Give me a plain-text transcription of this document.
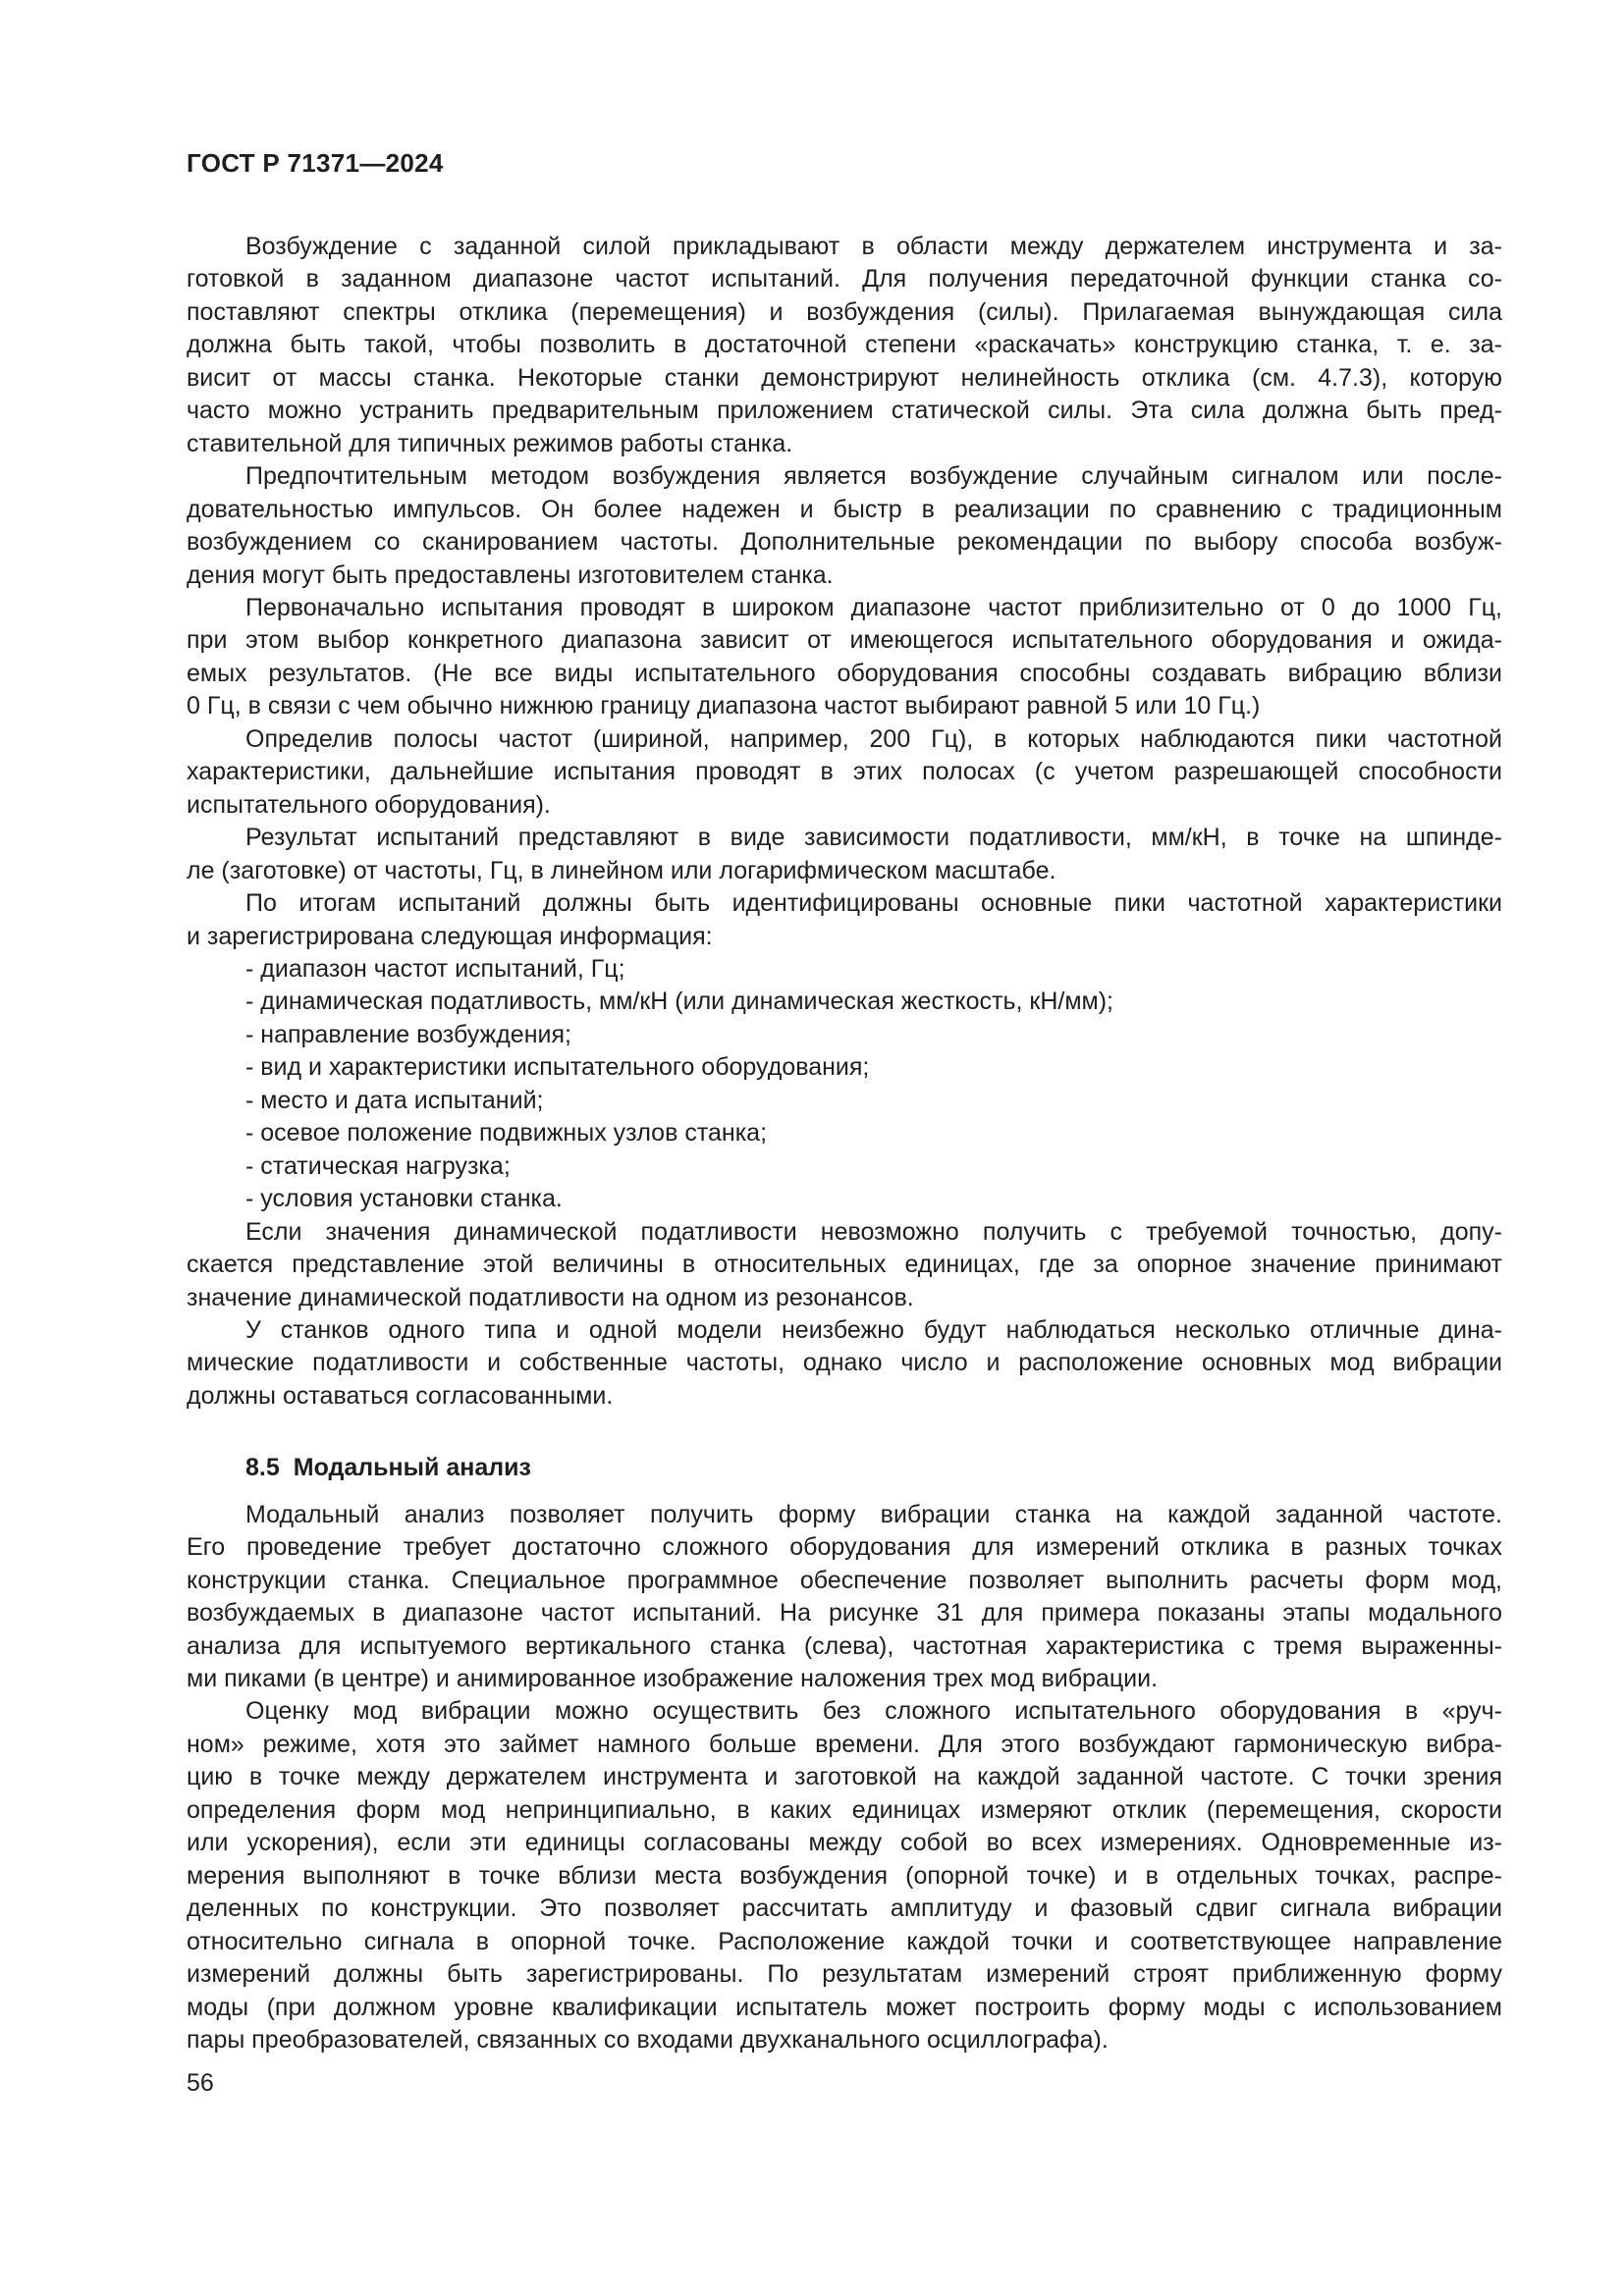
ГОСТ Р 71371—2024
Возбуждение с заданной силой прикладывают в области между держателем инструмента и за-
готовкой в заданном диапазоне частот испытаний. Для получения передаточной функции станка со-
поставляют спектры отклика (перемещения) и возбуждения (силы). Прилагаемая вынуждающая сила
должна быть такой, чтобы позволить в достаточной степени «раскачать» конструкцию станка, т. е. за-
висит от массы станка. Некоторые станки демонстрируют нелинейность отклика (см. 4.7.3), которую
часто можно устранить предварительным приложением статической силы. Эта сила должна быть пред-
ставительной для типичных режимов работы станка.
Предпочтительным методом возбуждения является возбуждение случайным сигналом или после-
довательностью импульсов. Он более надежен и быстр в реализации по сравнению с традиционным
возбуждением со сканированием частоты. Дополнительные рекомендации по выбору способа возбуж-
дения могут быть предоставлены изготовителем станка.
Первоначально испытания проводят в широком диапазоне частот приблизительно от 0 до 1000 Гц,
при этом выбор конкретного диапазона зависит от имеющегося испытательного оборудования и ожида-
емых результатов. (Не все виды испытательного оборудования способны создавать вибрацию вблизи
0 Гц, в связи с чем обычно нижнюю границу диапазона частот выбирают равной 5 или 10 Гц.)
Определив полосы частот (шириной, например, 200 Гц), в которых наблюдаются пики частотной
характеристики, дальнейшие испытания проводят в этих полосах (с учетом разрешающей способности
испытательного оборудования).
Результат испытаний представляют в виде зависимости податливости, мм/кН, в точке на шпинде-
ле (заготовке) от частоты, Гц, в линейном или логарифмическом масштабе.
По итогам испытаний должны быть идентифицированы основные пики частотной характеристики
и зарегистрирована следующая информация:
- диапазон частот испытаний, Гц;
- динамическая податливость, мм/кН (или динамическая жесткость, кН/мм);
- направление возбуждения;
- вид и характеристики испытательного оборудования;
- место и дата испытаний;
- осевое положение подвижных узлов станка;
- статическая нагрузка;
- условия установки станка.
Если значения динамической податливости невозможно получить с требуемой точностью, допу-
скается представление этой величины в относительных единицах, где за опорное значение принимают
значение динамической податливости на одном из резонансов.
У станков одного типа и одной модели неизбежно будут наблюдаться несколько отличные дина-
мические податливости и собственные частоты, однако число и расположение основных мод вибрации
должны оставаться согласованными.
8.5 Модальный анализ
Модальный анализ позволяет получить форму вибрации станка на каждой заданной частоте.
Его проведение требует достаточно сложного оборудования для измерений отклика в разных точках
конструкции станка. Специальное программное обеспечение позволяет выполнить расчеты форм мод,
возбуждаемых в диапазоне частот испытаний. На рисунке 31 для примера показаны этапы модального
анализа для испытуемого вертикального станка (слева), частотная характеристика с тремя выраженны-
ми пиками (в центре) и анимированное изображение наложения трех мод вибрации.
Оценку мод вибрации можно осуществить без сложного испытательного оборудования в «руч-
ном» режиме, хотя это займет намного больше времени. Для этого возбуждают гармоническую вибра-
цию в точке между держателем инструмента и заготовкой на каждой заданной частоте. С точки зрения
определения форм мод непринципиально, в каких единицах измеряют отклик (перемещения, скорости
или ускорения), если эти единицы согласованы между собой во всех измерениях. Одновременные из-
мерения выполняют в точке вблизи места возбуждения (опорной точке) и в отдельных точках, распре-
деленных по конструкции. Это позволяет рассчитать амплитуду и фазовый сдвиг сигнала вибрации
относительно сигнала в опорной точке. Расположение каждой точки и соответствующее направление
измерений должны быть зарегистрированы. По результатам измерений строят приближенную форму
моды (при должном уровне квалификации испытатель может построить форму моды с использованием
пары преобразователей, связанных со входами двухканального осциллографа).
56
